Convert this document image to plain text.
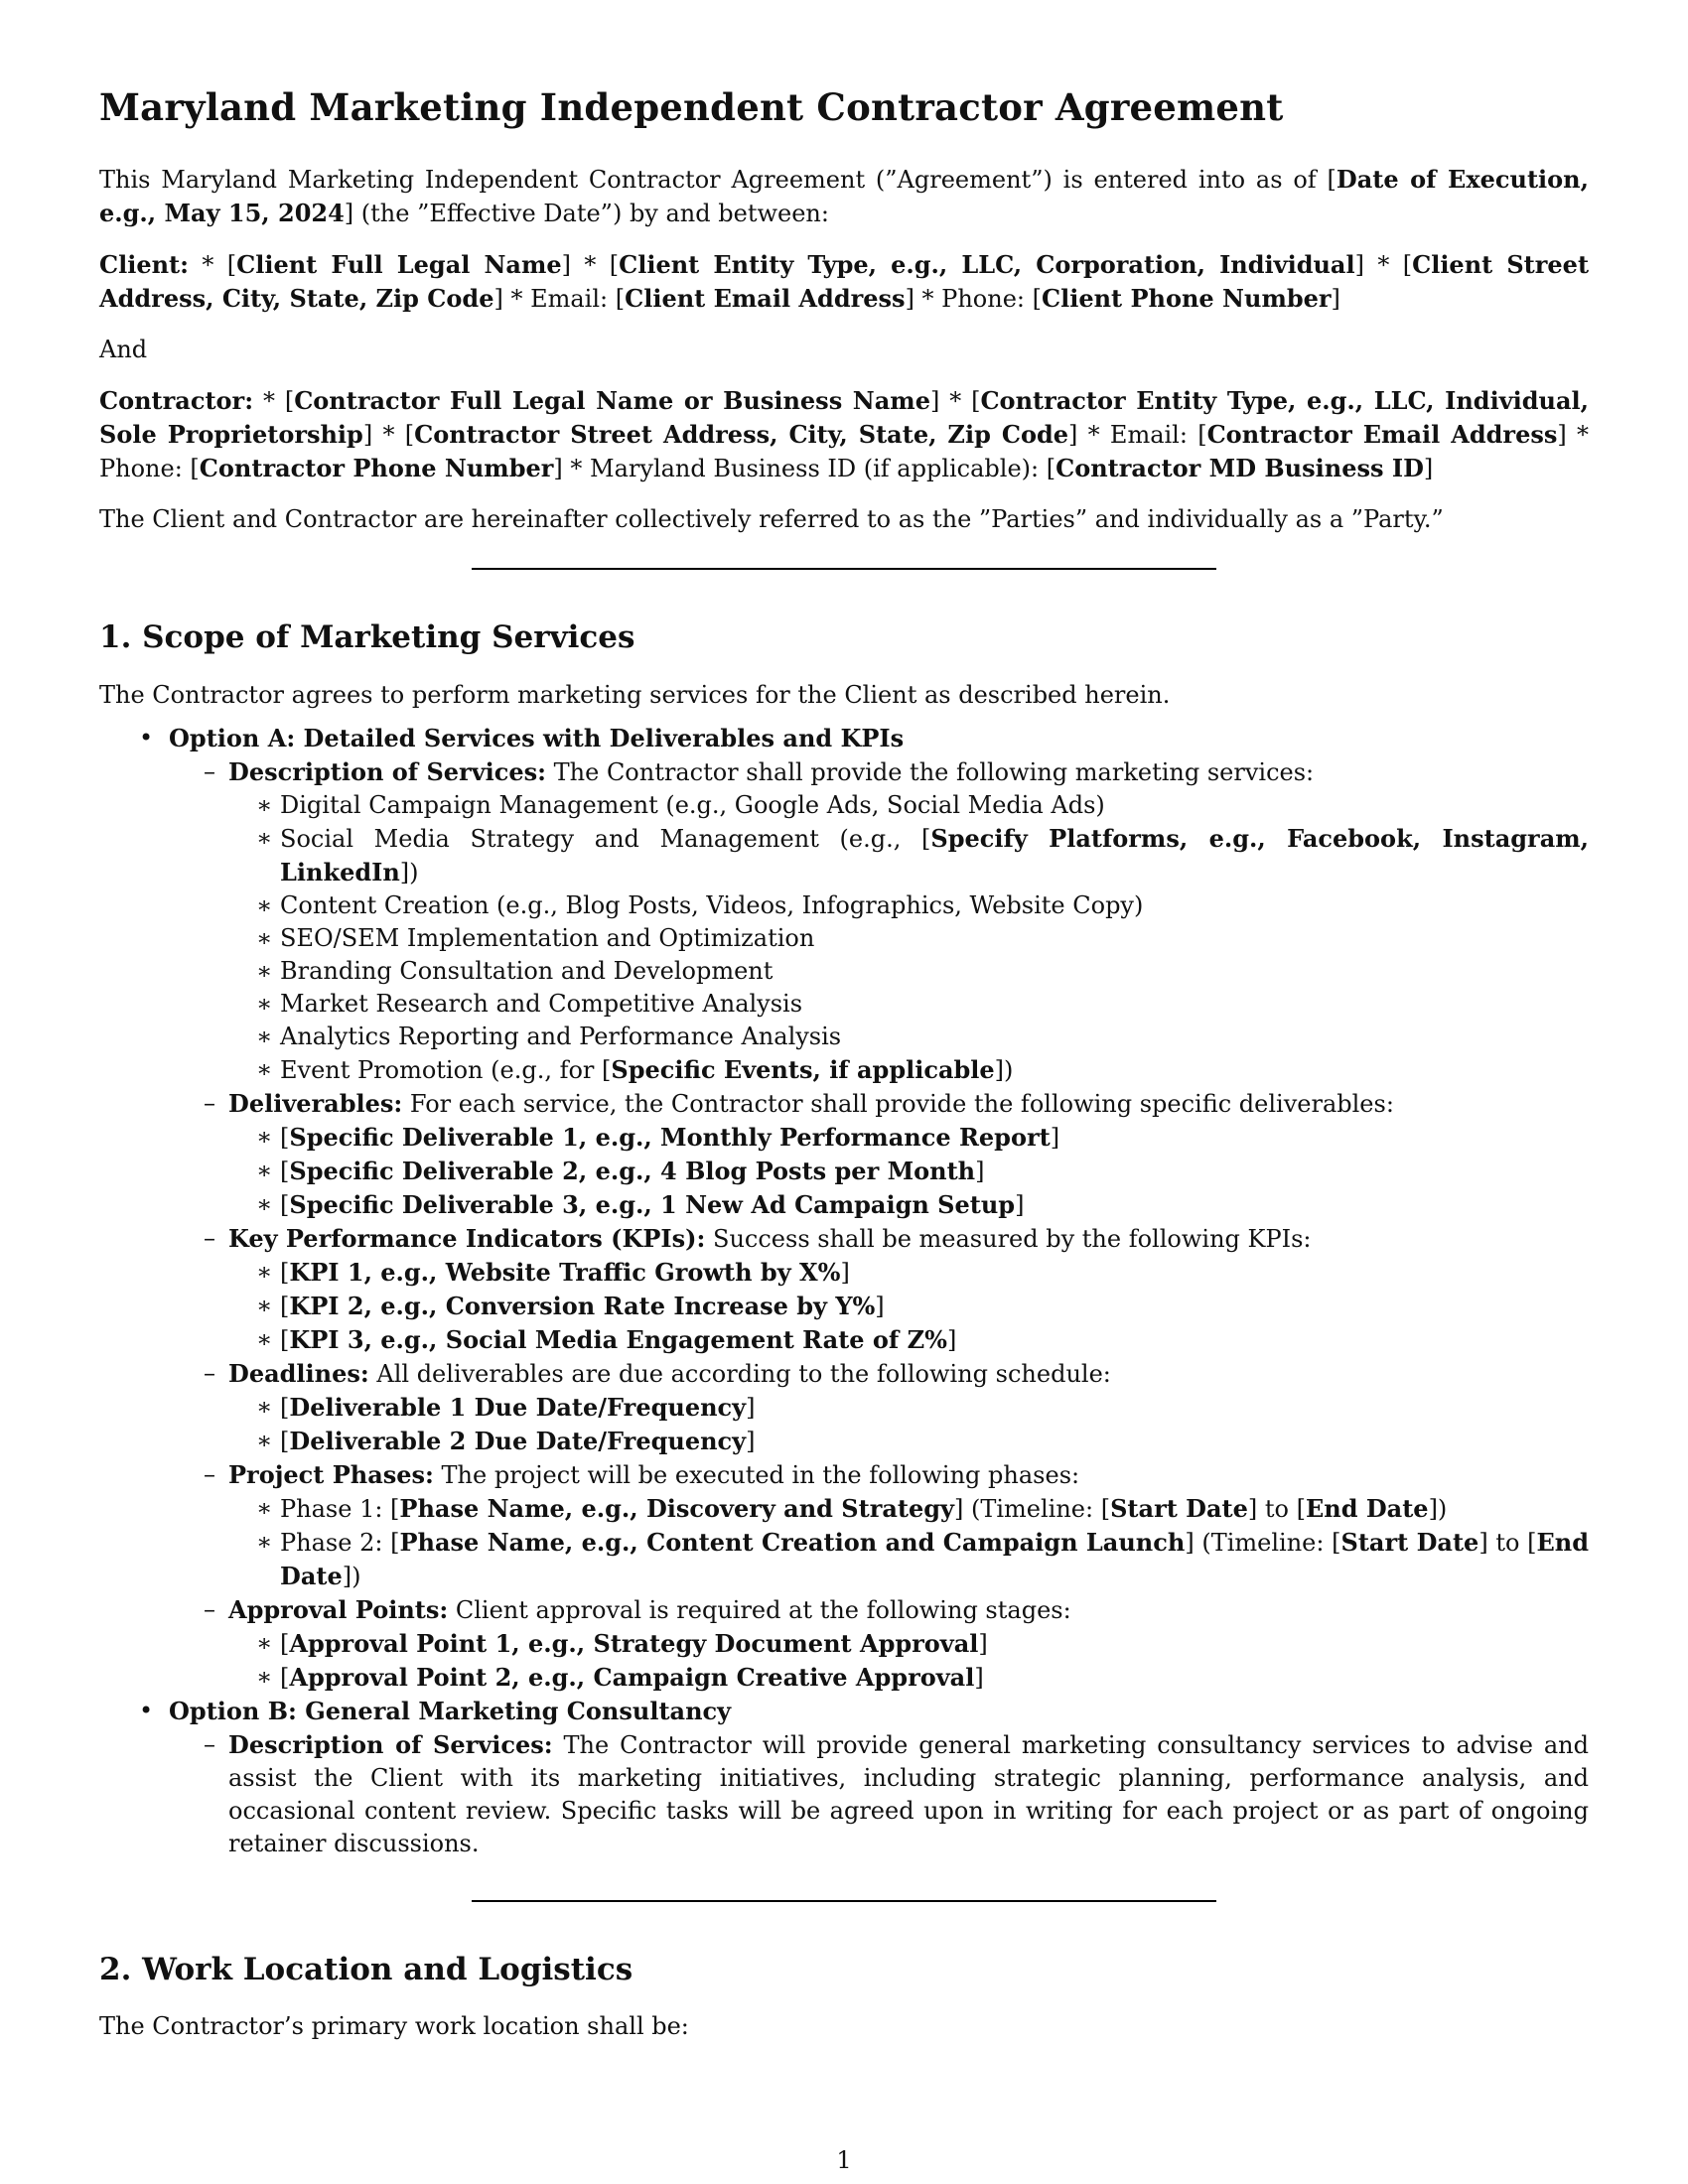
Maryland Marketing Independent Contractor Agreement

This Maryland Marketing Independent Contractor Agreement (”Agreement”) is entered into as of [Date of Execution, e.g., May 15, 2024] (the ”Effective Date”) by and between:

Client: * [Client Full Legal Name] * [Client Entity Type, e.g., LLC, Corporation, Individual] * [Client Street Address, City, State, Zip Code] * Email: [Client Email Address] * Phone: [Client Phone Number]

And

Contractor: * [Contractor Full Legal Name or Business Name] * [Contractor Entity Type, e.g., LLC, Individual, Sole Proprietorship] * [Contractor Street Address, City, State, Zip Code] * Email: [Contractor Email Address] * Phone: [Contractor Phone Number] * Maryland Business ID (if applicable): [Contractor MD Business ID]

The Client and Contractor are hereinafter collectively referred to as the ”Parties” and individually as a ”Party.”

1. Scope of Marketing Services

The Contractor agrees to perform marketing services for the Client as described herein.

• Option A: Detailed Services with Deliverables and KPIs
– Description of Services: The Contractor shall provide the following marketing services:
∗ Digital Campaign Management (e.g., Google Ads, Social Media Ads)
∗ Social Media Strategy and Management (e.g., [Specify Platforms, e.g., Facebook, Instagram, LinkedIn])
∗ Content Creation (e.g., Blog Posts, Videos, Infographics, Website Copy)
∗ SEO/SEM Implementation and Optimization
∗ Branding Consultation and Development
∗ Market Research and Competitive Analysis
∗ Analytics Reporting and Performance Analysis
∗ Event Promotion (e.g., for [Specific Events, if applicable])
– Deliverables: For each service, the Contractor shall provide the following specific deliverables:
∗ [Specific Deliverable 1, e.g., Monthly Performance Report]
∗ [Specific Deliverable 2, e.g., 4 Blog Posts per Month]
∗ [Specific Deliverable 3, e.g., 1 New Ad Campaign Setup]
– Key Performance Indicators (KPIs): Success shall be measured by the following KPIs:
∗ [KPI 1, e.g., Website Traffic Growth by X%]
∗ [KPI 2, e.g., Conversion Rate Increase by Y%]
∗ [KPI 3, e.g., Social Media Engagement Rate of Z%]
– Deadlines: All deliverables are due according to the following schedule:
∗ [Deliverable 1 Due Date/Frequency]
∗ [Deliverable 2 Due Date/Frequency]
– Project Phases: The project will be executed in the following phases:
∗ Phase 1: [Phase Name, e.g., Discovery and Strategy] (Timeline: [Start Date] to [End Date])
∗ Phase 2: [Phase Name, e.g., Content Creation and Campaign Launch] (Timeline: [Start Date] to [End Date])
– Approval Points: Client approval is required at the following stages:
∗ [Approval Point 1, e.g., Strategy Document Approval]
∗ [Approval Point 2, e.g., Campaign Creative Approval]
• Option B: General Marketing Consultancy
– Description of Services: The Contractor will provide general marketing consultancy services to advise and assist the Client with its marketing initiatives, including strategic planning, performance analysis, and occasional content review. Specific tasks will be agreed upon in writing for each project or as part of ongoing retainer discussions.
2. Work Location and Logistics

The Contractor’s primary work location shall be:

1
